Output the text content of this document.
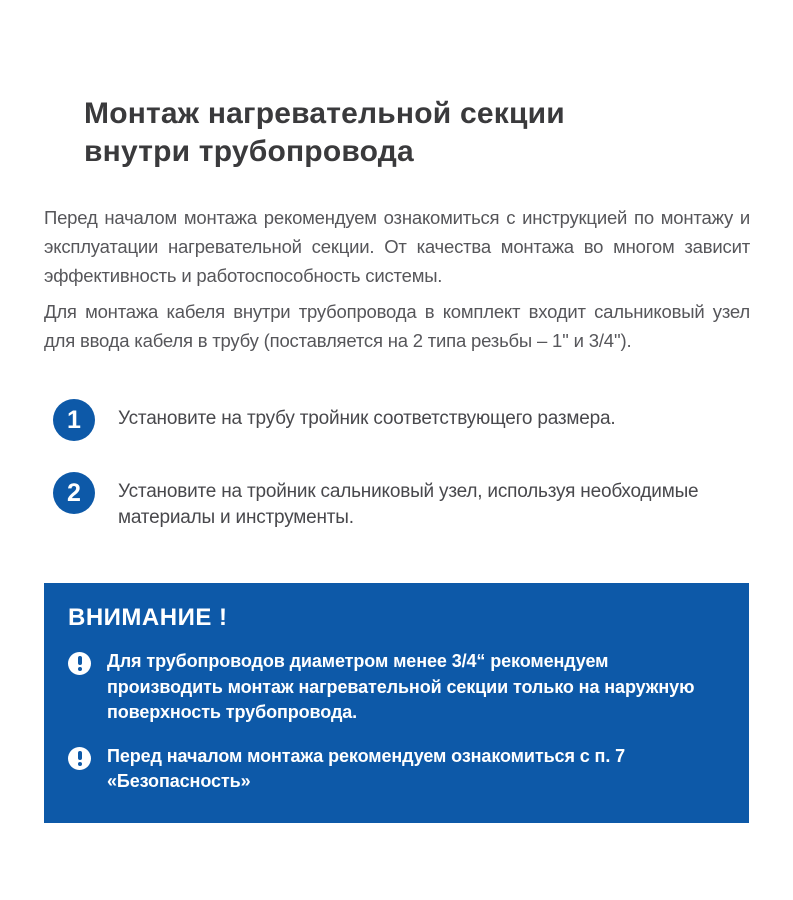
Монтаж нагревательной секции
внутри трубопровода

Перед началом монтажа рекомендуем ознакомиться с инструкцией по монтажу и эксплуатации нагревательной секции. От качества монтажа во многом зависит эффективность и работоспособность системы.

Для монтажа кабеля внутри трубопровода в комплект входит сальниковый узел для ввода кабеля в трубу (поставляется на 2 типа резьбы – 1'' и 3/4'').

1 Установите на трубу тройник соответствующего размера.
2 Установите на тройник сальниковый узел, используя необходимые материалы и инструменты.
ВНИМАНИЕ !
Для трубопроводов диаметром менее 3/4“ рекомендуем производить монтаж нагревательной секции только на наружную поверхность трубопровода.
Перед началом монтажа рекомендуем ознакомиться с п. 7 «Безопасность»
